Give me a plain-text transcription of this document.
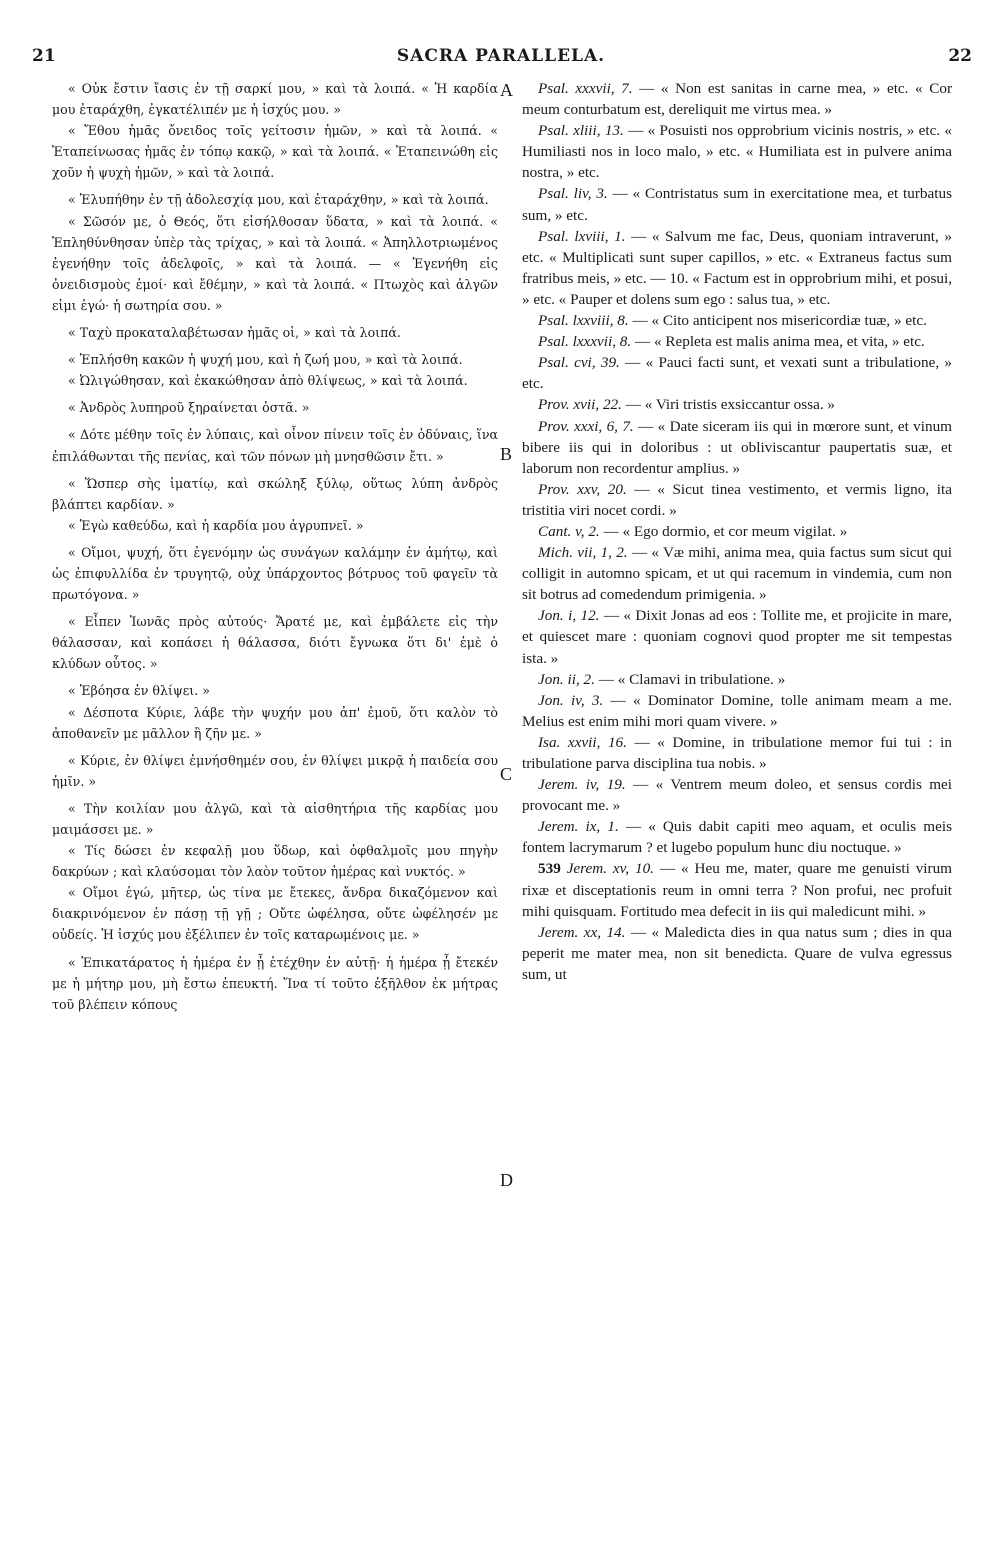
21	SACRA PARALLELA.	22
A
B
C
D

« Οὐκ ἔστιν ἴασις ἐν τῇ σαρκί μου, » καὶ τὰ λοιπά. « Ἡ καρδία μου ἐταράχθη, ἐγκατέλιπέν με ἡ ἰσχύς μου. »

« Ἔθου ἡμᾶς ὄνειδος τοῖς γείτοσιν ἡμῶν, » καὶ τὰ λοιπά. « Ἐταπείνωσας ἡμᾶς ἐν τόπῳ κακῷ, » καὶ τὰ λοιπά. « Ἐταπεινώθη εἰς χοῦν ἡ ψυχὴ ἡμῶν, » καὶ τὰ λοιπά.

« Ἐλυπήθην ἐν τῇ ἀδολεσχίᾳ μου, καὶ ἐταράχθην, » καὶ τὰ λοιπά.

« Σῶσόν με, ὁ Θεός, ὅτι εἰσήλθοσαν ὕδατα, » καὶ τὰ λοιπά. « Ἐπληθύνθησαν ὑπὲρ τὰς τρίχας, » καὶ τὰ λοιπά. « Ἀπηλλοτριωμένος ἐγενήθην τοῖς ἀδελφοῖς, » καὶ τὰ λοιπά. — « Ἐγενήθη εἰς ὀνειδισμοὺς ἐμοί· καὶ ἔθέμην, » καὶ τὰ λοιπά. « Πτωχὸς καὶ ἀλγῶν εἰμι ἐγώ· ἡ σωτηρία σου. »

« Ταχὺ προκαταλαβέτωσαν ἡμᾶς οἱ, » καὶ τὰ λοιπά.

« Ἐπλήσθη κακῶν ἡ ψυχή μου, καὶ ἡ ζωή μου, » καὶ τὰ λοιπά.

« Ὠλιγώθησαν, καὶ ἐκακώθησαν ἀπὸ θλίψεως, » καὶ τὰ λοιπά.

« Ἀνδρὸς λυπηροῦ ξηραίνεται ὀστᾶ. »

« Δότε μέθην τοῖς ἐν λύπαις, καὶ οἶνον πίνειν τοῖς ἐν ὀδύναις, ἵνα ἐπιλάθωνται τῆς πενίας, καὶ τῶν πόνων μὴ μνησθῶσιν ἔτι. »

« Ὥσπερ σὴς ἱματίῳ, καὶ σκώληξ ξύλῳ, οὕτως λύπη ἀνδρὸς βλάπτει καρδίαν. »

« Ἐγὼ καθεύδω, καὶ ἡ καρδία μου ἀγρυπνεῖ. »

« Οἴμοι, ψυχή, ὅτι ἐγενόμην ὡς συνάγων καλάμην ἐν ἀμήτῳ, καὶ ὡς ἐπιφυλλίδα ἐν τρυγητῷ, οὐχ ὑπάρχοντος βότρυος τοῦ φαγεῖν τὰ πρωτόγονα. »

« Εἶπεν Ἰωνᾶς πρὸς αὐτούς· Ἄρατέ με, καὶ ἐμβάλετε εἰς τὴν θάλασσαν, καὶ κοπάσει ἡ θάλασσα, διότι ἔγνωκα ὅτι δι' ἐμὲ ὁ κλύδων οὗτος. »

« Ἐβόησα ἐν θλίψει. »

« Δέσποτα Κύριε, λάβε τὴν ψυχήν μου ἀπ' ἐμοῦ, ὅτι καλὸν τὸ ἀποθανεῖν με μᾶλλον ἢ ζῆν με. »

« Κύριε, ἐν θλίψει ἐμνήσθημέν σου, ἐν θλίψει μικρᾷ ἡ παιδεία σου ἡμῖν. »

« Τὴν κοιλίαν μου ἀλγῶ, καὶ τὰ αἰσθητήρια τῆς καρδίας μου μαιμάσσει με. »

« Τίς δώσει ἐν κεφαλῇ μου ὕδωρ, καὶ ὀφθαλμοῖς μου πηγὴν δακρύων ; καὶ κλαύσομαι τὸν λαὸν τοῦτον ἡμέρας καὶ νυκτός. »

« Οἴμοι ἐγώ, μῆτερ, ὡς τίνα με ἔτεκες, ἄνδρα δικαζόμενον καὶ διακρινόμενον ἐν πάσῃ τῇ γῇ ; Οὔτε ὠφέλησα, οὔτε ὠφέλησέν με οὐδείς. Ἡ ἰσχύς μου ἐξέλιπεν ἐν τοῖς καταρωμένοις με. »

« Ἐπικατάρατος ἡ ἡμέρα ἐν ᾗ ἐτέχθην ἐν αὐτῇ· ἡ ἡμέρα ᾗ ἔτεκέν με ἡ μήτηρ μου, μὴ ἔστω ἐπευκτή. Ἵνα τί τοῦτο ἐξῆλθον ἐκ μήτρας τοῦ βλέπειν κόπους

Psal. xxxvii, 7. — « Non est sanitas in carne mea, » etc. « Cor meum conturbatum est, dereliquit me virtus mea. »

Psal. xliii, 13. — « Posuisti nos opprobrium vicinis nostris, » etc. « Humiliasti nos in loco malo, » etc. « Humiliata est in pulvere anima nostra, » etc.

Psal. liv, 3. — « Contristatus sum in exercitatione mea, et turbatus sum, » etc.

Psal. lxviii, 1. — « Salvum me fac, Deus, quoniam intraverunt, » etc. « Multiplicati sunt super capillos, » etc. « Extraneus factus sum fratribus meis, » etc. — 10. « Factum est in opprobrium mihi, et posui, » etc. « Pauper et dolens sum ego : salus tua, » etc.

Psal. lxxviii, 8. — « Cito anticipent nos misericordiæ tuæ, » etc.

Psal. lxxxvii, 8. — « Repleta est malis anima mea, et vita, » etc.

Psal. cvi, 39. — « Pauci facti sunt, et vexati sunt a tribulatione, » etc.

Prov. xvii, 22. — « Viri tristis exsiccantur ossa. »

Prov. xxxi, 6, 7. — « Date siceram iis qui in mœrore sunt, et vinum bibere iis qui in doloribus : ut obliviscantur paupertatis suæ, et laborum non recordentur amplius. »

Prov. xxv, 20. — « Sicut tinea vestimento, et vermis ligno, ita tristitia viri nocet cordi. »

Cant. v, 2. — « Ego dormio, et cor meum vigilat. »

Mich. vii, 1, 2. — « Væ mihi, anima mea, quia factus sum sicut qui colligit in automno spicam, et ut qui racemum in vindemia, cum non sit botrus ad comedendum primigenia. »

Jon. i, 12. — « Dixit Jonas ad eos : Tollite me, et projicite in mare, et quiescet mare : quoniam cognovi quod propter me sit tempestas ista. »

Jon. ii, 2. — « Clamavi in tribulatione. »

Jon. iv, 3. — « Dominator Domine, tolle animam meam a me. Melius est enim mihi mori quam vivere. »

Isa. xxvii, 16. — « Domine, in tribulatione memor fui tui : in tribulatione parva disciplina tua nobis. »

Jerem. iv, 19. — « Ventrem meum doleo, et sensus cordis mei provocant me. »

Jerem. ix, 1. — « Quis dabit capiti meo aquam, et oculis meis fontem lacrymarum ? et lugebo populum hunc diu noctuque. »

539 Jerem. xv, 10. — « Heu me, mater, quare me genuisti virum rixæ et disceptationis reum in omni terra ? Non profui, nec profuit mihi quisquam. Fortitudo mea defecit in iis qui maledicunt mihi. »

Jerem. xx, 14. — « Maledicta dies in qua natus sum ; dies in qua peperit me mater mea, non sit benedicta. Quare de vulva egressus sum, ut
